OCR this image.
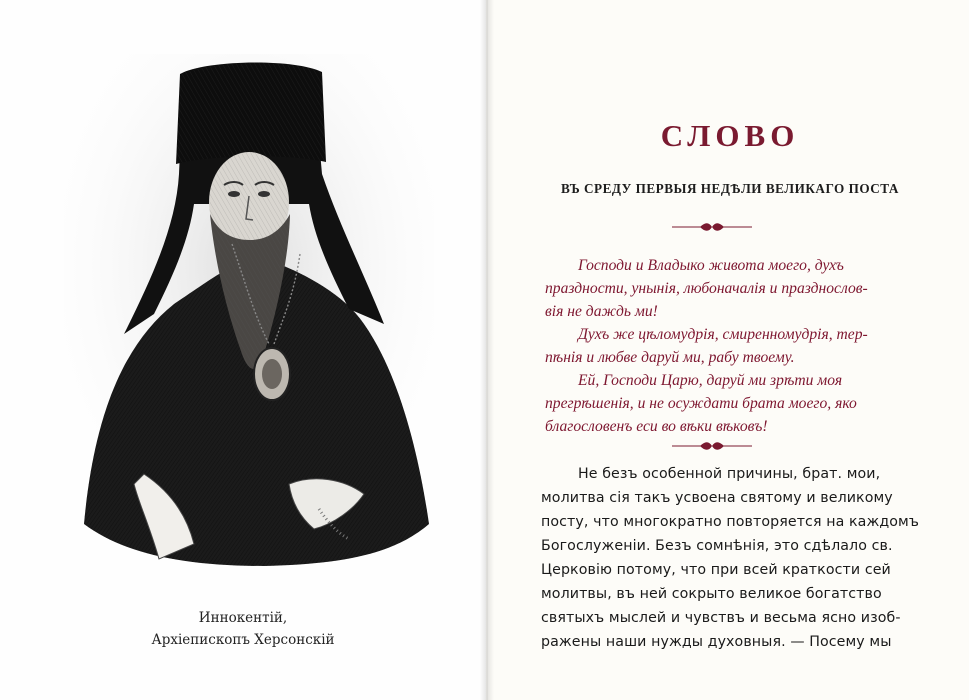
Иннокентій,
Архіепископъ Херсонскій
СЛОВО
ВЪ СРЕДУ ПЕРВЫЯ НЕДѢЛИ ВЕЛИКАГО ПОСТА
Господи и Владыко живота моего, духъ
праздности, унынія, любоначалія и празднослов-
вія не даждь ми!
Духъ же цѣломудрія, смиренномудрія, тер-
пѣнія и любве даруй ми, рабу твоему.
Ей, Господи Царю, даруй ми зрѣти моя
прегрѣшенія, и не осуждати брата моего, яко
благословенъ еси во вѣки вѣковъ!
Не безъ особенной причины, брат. мои,
молитва сія такъ усвоена святому и великому
посту, что многократно повторяется на каждомъ
Богослуженіи. Безъ сомнѣнія, это сдѣлало св.
Церковію потому, что при всей краткости сей
молитвы, въ ней сокрыто великое богатство
святыхъ мыслей и чувствъ и весьма ясно изоб-
ражены наши нужды духовныя. — Посему мы
